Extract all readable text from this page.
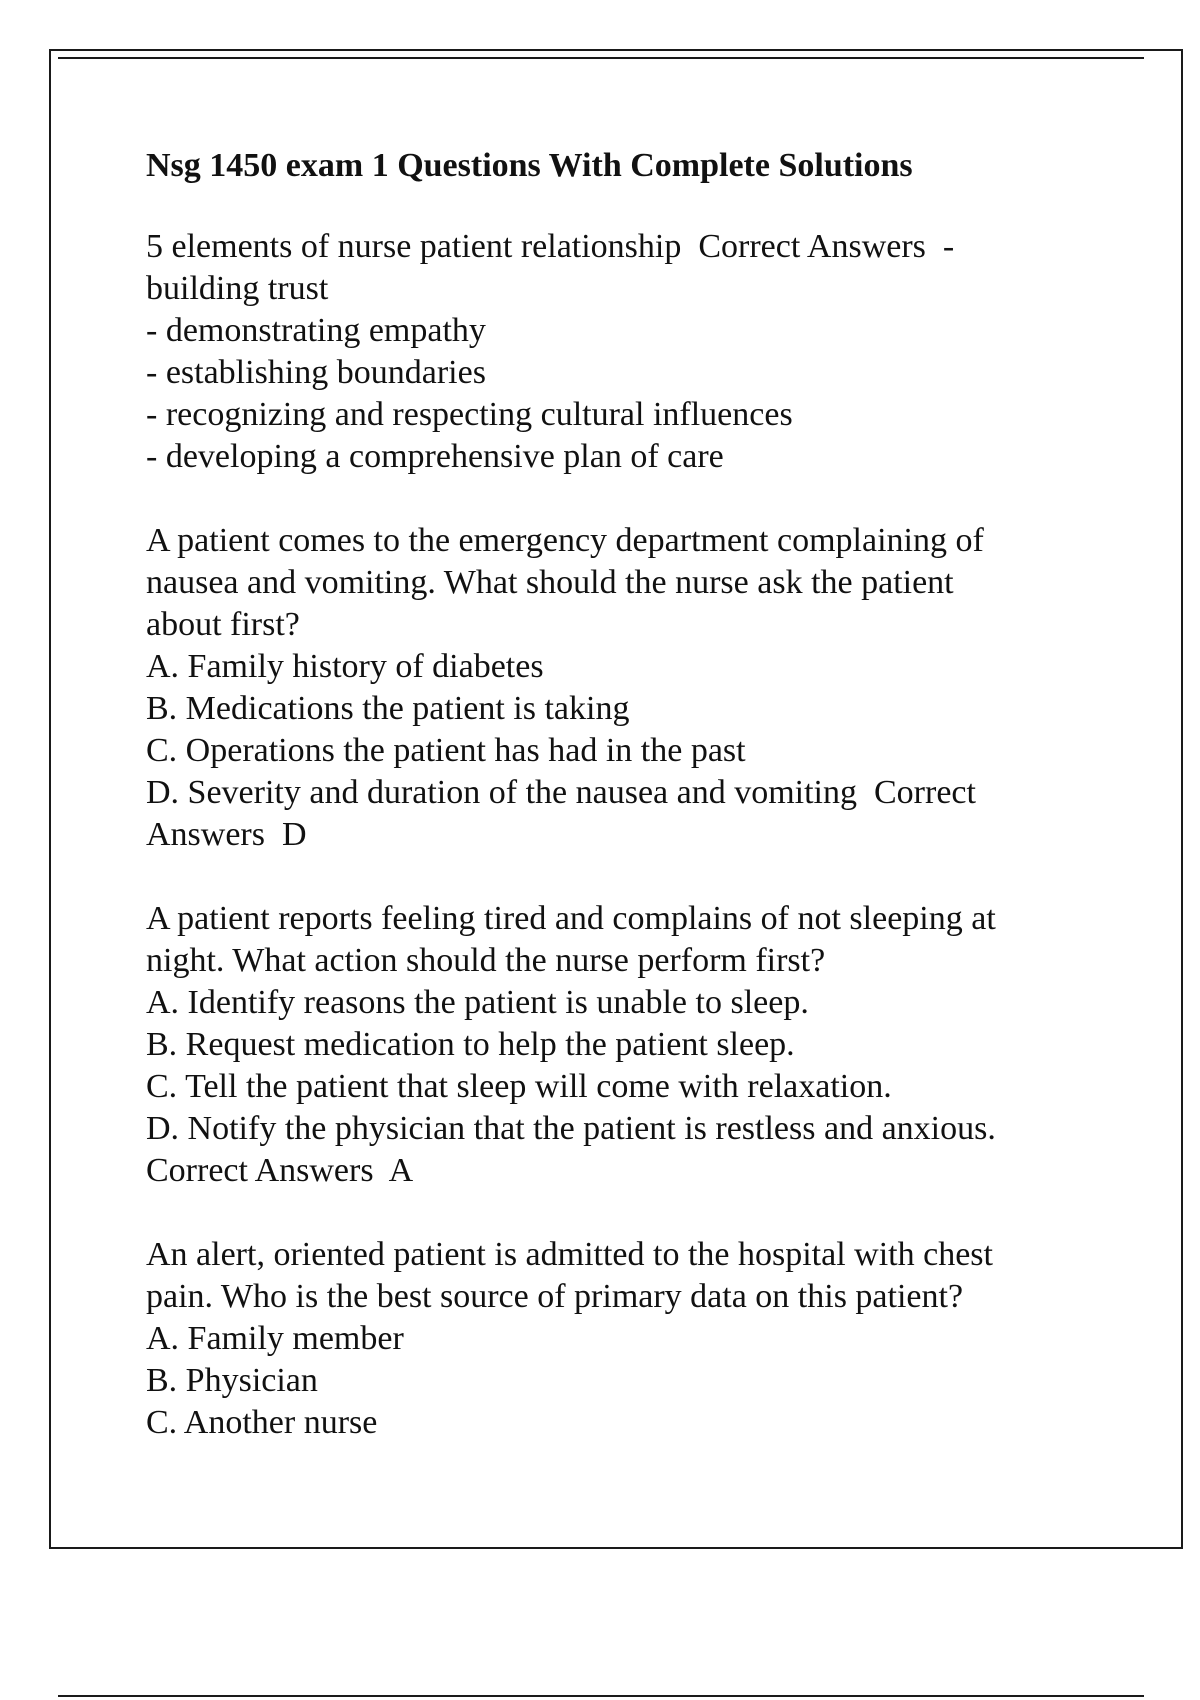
Nsg 1450 exam 1 Questions With Complete Solutions
5 elements of nurse patient relationship  Correct Answers  -
building trust
- demonstrating empathy
- establishing boundaries
- recognizing and respecting cultural influences
- developing a comprehensive plan of care
A patient comes to the emergency department complaining of
nausea and vomiting. What should the nurse ask the patient
about first?
A. Family history of diabetes
B. Medications the patient is taking
C. Operations the patient has had in the past
D. Severity and duration of the nausea and vomiting  Correct
Answers  D
A patient reports feeling tired and complains of not sleeping at
night. What action should the nurse perform first?
A. Identify reasons the patient is unable to sleep.
B. Request medication to help the patient sleep.
C. Tell the patient that sleep will come with relaxation.
D. Notify the physician that the patient is restless and anxious.
Correct Answers  A
An alert, oriented patient is admitted to the hospital with chest
pain. Who is the best source of primary data on this patient?
A. Family member
B. Physician
C. Another nurse
